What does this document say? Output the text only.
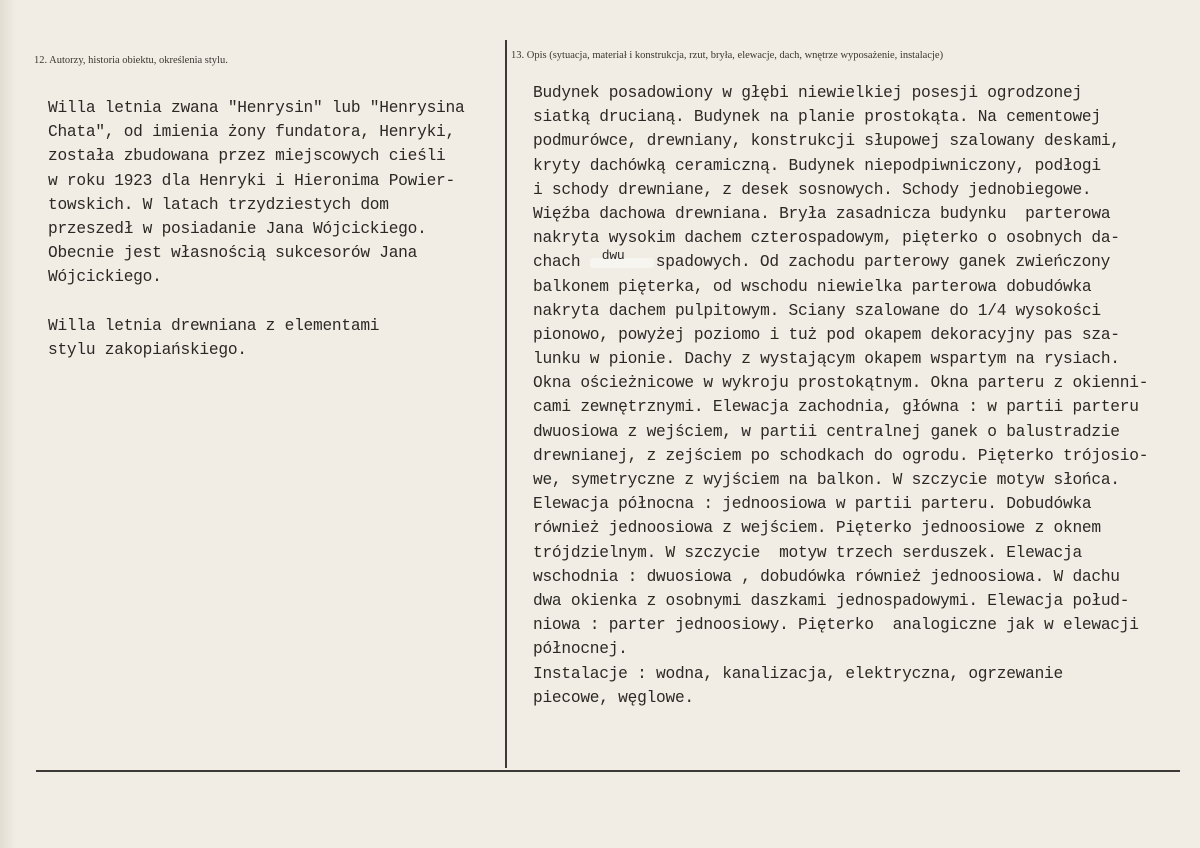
12. Autorzy, historia obiektu, określenia stylu.	13. Opis (sytuacja, materiał i konstrukcja, rzut, bryła, elewacje, dach, wnętrze wyposażenie, instalacje)
Willa letnia zwana "Henrysin" lub "Henrysina
Chata", od imienia żony fundatora, Henryki,
została zbudowana przez miejscowych cieśli
w roku 1923 dla Henryki i Hieronima Powier-
towskich. W latach trzydziestych dom
przeszedł w posiadanie Jana Wójcickiego.
Obecnie jest własnością sukcesorów Jana
Wójcickiego.
Willa letnia drewniana z elementami
stylu zakopiańskiego.
Budynek posadowiony w głębi niewielkiej posesji ogrodzonej
siatką drucianą. Budynek na planie prostokąta. Na cementowej
podmurówce, drewniany, konstrukcji słupowej szalowany deskami,
kryty dachówką ceramiczną. Budynek niepodpiwniczony, podłogi
i schody drewniane, z desek sosnowych. Schody jednobiegowe.
Więźba dachowa drewniana. Bryła zasadnicza budynku  parterowa
nakryta wysokim dachem czterospadowym, pięterko o osobnych da-
chach dwu spadowych. Od zachodu parterowy ganek zwieńczony
balkonem pięterka, od wschodu niewielka parterowa dobudówka
nakryta dachem pulpitowym. Sciany szalowane do 1/4 wysokości
pionowo, powyżej poziomo i tuż pod okapem dekoracyjny pas sza-
lunku w pionie. Dachy z wystającym okapem wspartym na rysiach.
Okna ościeżnicowe w wykroju prostokątnym. Okna parteru z okienni-
cami zewnętrznymi. Elewacja zachodnia, główna : w partii parteru
dwuosiowa z wejściem, w partii centralnej ganek o balustradzie
drewnianej, z zejściem po schodkach do ogrodu. Pięterko trójosio-
we, symetryczne z wyjściem na balkon. W szczycie motyw słońca.
Elewacja północna : jednoosiowa w partii parteru. Dobudówka
również jednoosiowa z wejściem. Pięterko jednoosiowe z oknem
trójdzielnym. W szczycie  motyw trzech serduszek. Elewacja
wschodnia : dwuosiowa , dobudówka również jednoosiowa. W dachu
dwa okienka z osobnymi daszkami jednospadowymi. Elewacja połud-
niowa : parter jednoosiowy. Pięterko  analogiczne jak w elewacji
północnej.
Instalacje : wodna, kanalizacja, elektryczna, ogrzewanie
piecowe, węglowe.
